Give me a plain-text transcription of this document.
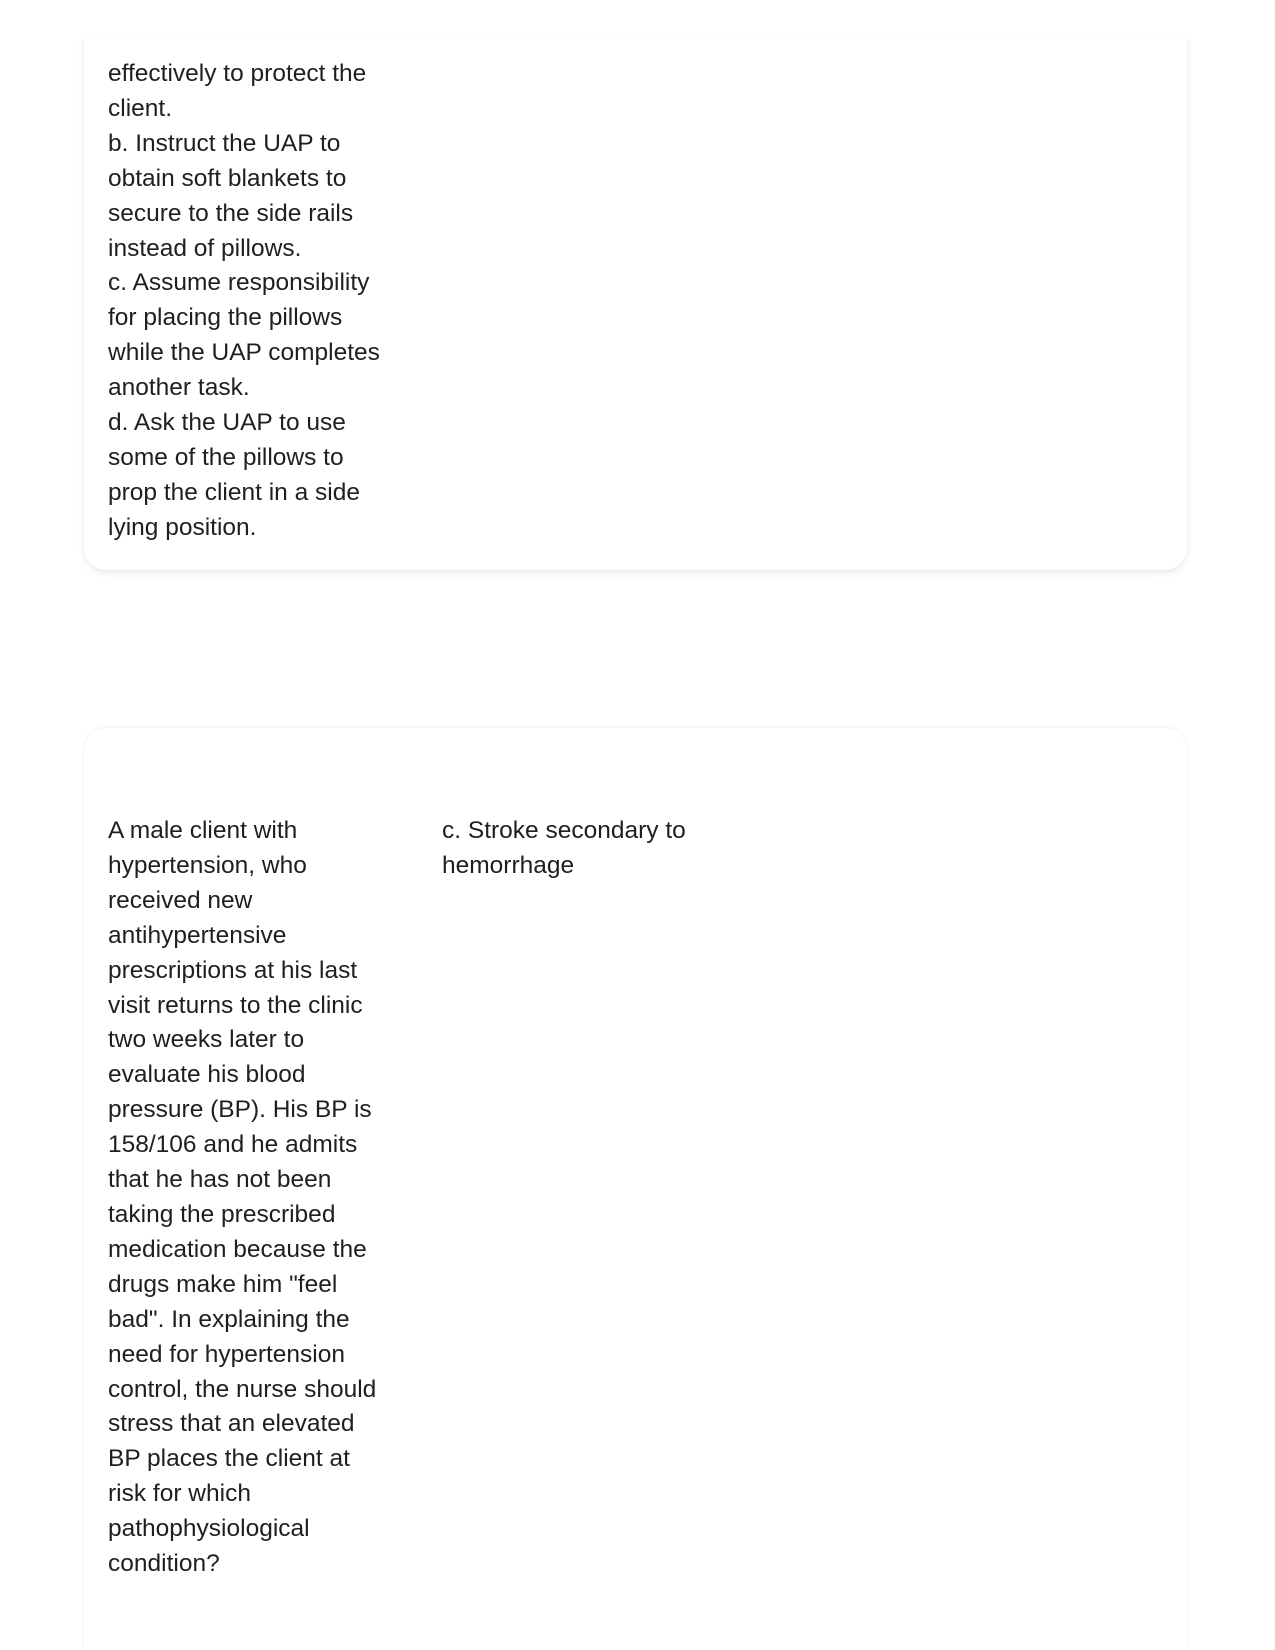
effectively to protect the
client.
b. Instruct the UAP to
obtain soft blankets to
secure to the side rails
instead of pillows.
c. Assume responsibility
for placing the pillows
while the UAP completes
another task.
d. Ask the UAP to use
some of the pillows to
prop the client in a side
lying position.

A male client with
hypertension, who
received new
antihypertensive
prescriptions at his last
visit returns to the clinic
two weeks later to
evaluate his blood
pressure (BP). His BP is
158/106 and he admits
that he has not been
taking the prescribed
medication because the
drugs make him "feel
bad". In explaining the
need for hypertension
control, the nurse should
stress that an elevated
BP places the client at
risk for which
pathophysiological
condition?

c. Stroke secondary to
hemorrhage
